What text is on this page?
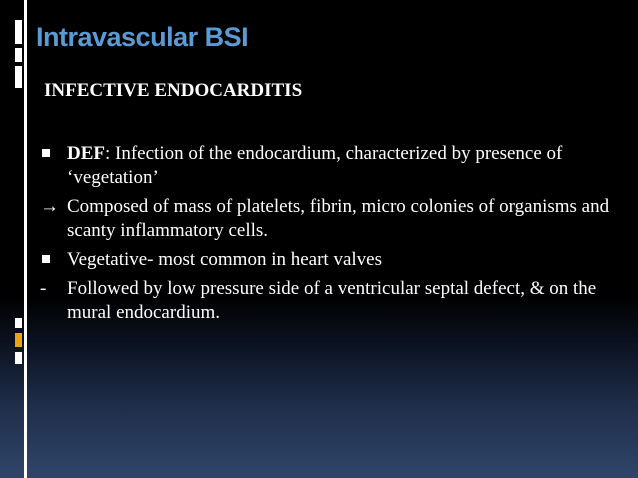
Intravascular BSI

INFECTIVE ENDOCARDITIS

DEF: Infection of the endocardium, characterized by presence of ‘vegetation’
→ Composed of mass of platelets, fibrin, micro colonies of organisms and scanty inflammatory cells.
Vegetative- most common in heart valves
-	Followed by low pressure side of a ventricular septal defect, & on the mural endocardium.
